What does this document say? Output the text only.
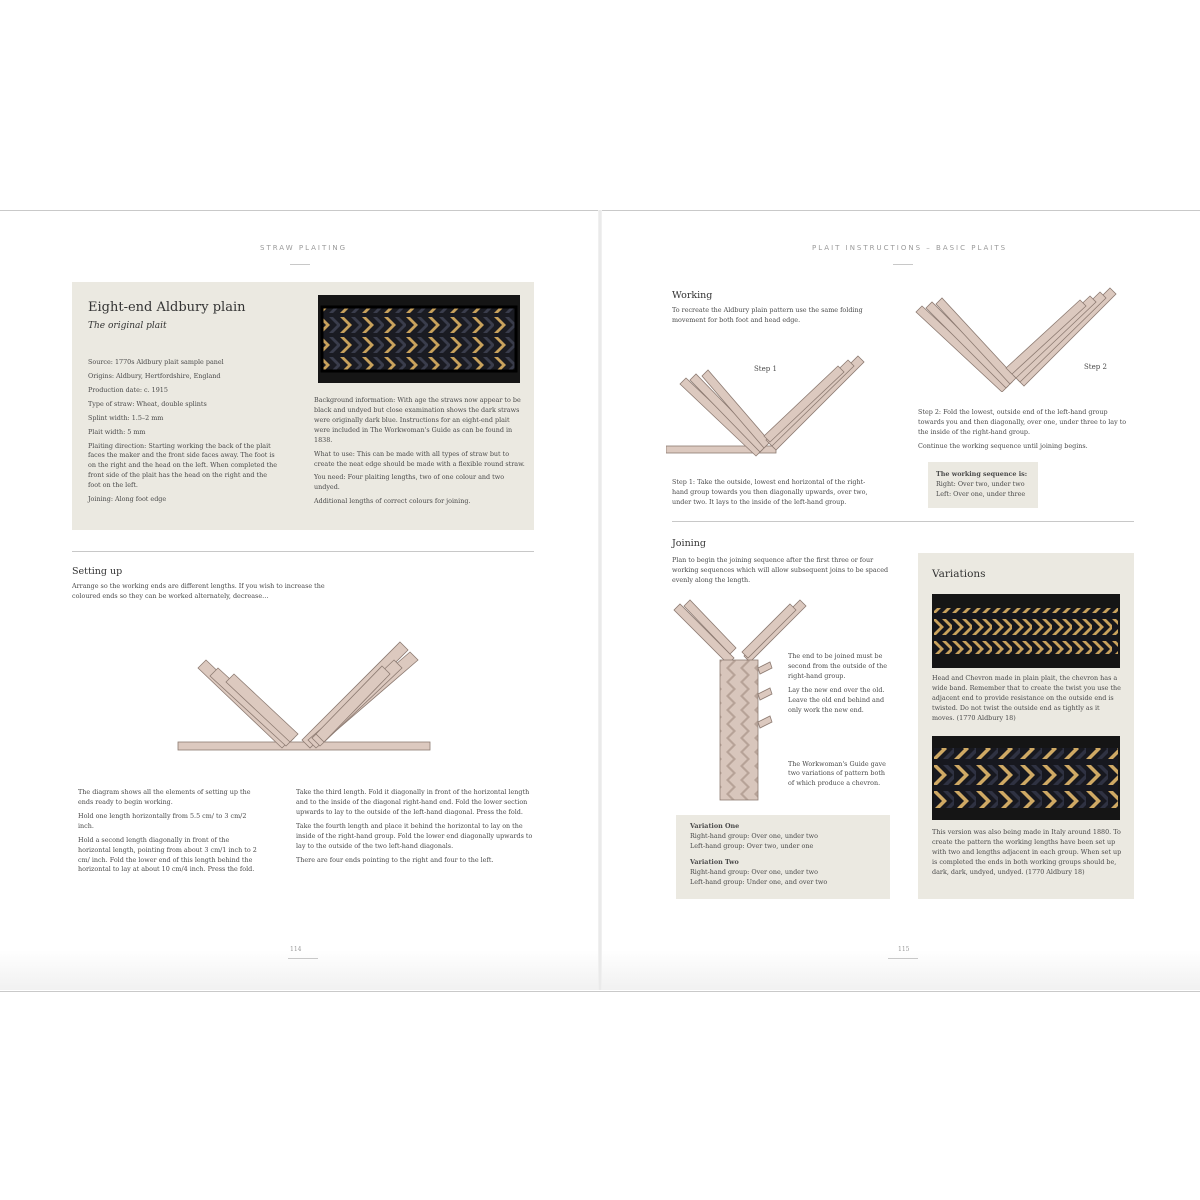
STRAW PLAITING
Eight-end Aldbury plain
The original plait

Source: 1770s Aldbury plait sample panel

Origins: Aldbury, Hertfordshire, England

Production date: c. 1915

Type of straw: Wheat, double splints

Splint width: 1.5–2 mm

Plait width: 5 mm

Plaiting direction: Starting working the back of the plait faces the maker and the front side faces away. The foot is on the right and the head on the left. When completed the front side of the plait has the head on the right and the foot on the left.

Joining: Along foot edge

Background information: With age the straws now appear to be black and undyed but close examination shows the dark straws were originally dark blue. Instructions for an eight-end plait were included in The Workwoman's Guide as can be found in 1838.

What to use: This can be made with all types of straw but to create the neat edge should be made with a flexible round straw.

You need: Four plaiting lengths, two of one colour and two undyed.

Additional lengths of correct colours for joining.

Setting up
Arrange so the working ends are different lengths. If you wish to increase the coloured ends so they can be worked alternately, decrease…

The diagram shows all the elements of setting up the ends ready to begin working.

Hold one length horizontally from 5.5 cm/ to 3 cm/2 inch.

Hold a second length diagonally in front of the horizontal length, pointing from about 3 cm/1 inch to 2 cm/ inch. Fold the lower end of this length behind the horizontal to lay at about 10 cm/4 inch. Press the fold.

Take the third length. Fold it diagonally in front of the horizontal length and to the inside of the diagonal right-hand end. Fold the lower section upwards to lay to the outside of the left-hand diagonal. Press the fold.

Take the fourth length and place it behind the horizontal to lay on the inside of the right-hand group. Fold the lower end diagonally upwards to lay to the outside of the two left-hand diagonals.

There are four ends pointing to the right and four to the left.

114
PLAIT INSTRUCTIONS – BASIC PLAITS
Working
To recreate the Aldbury plain pattern use the same folding movement for both foot and head edge.
Step 1	Step 2
Step 1: Take the outside, lowest end horizontal of the right-hand group towards you then diagonally upwards, over two, under two. It lays to the inside of the left-hand group.

Step 2: Fold the lowest, outside end of the left-hand group towards you and then diagonally, over one, under three to lay to the inside of the right-hand group.

Continue the working sequence until joining begins.

The working sequence is:
Right: Over two, under two
Left: Over one, under three
Joining
Plan to begin the joining sequence after the first three or four working sequences which will allow subsequent joins to be spaced evenly along the length.

The end to be joined must be second from the outside of the right-hand group.

Lay the new end over the old. Leave the old end behind and only work the new end.

The Workwoman's Guide gave two variations of pattern both of which produce a chevron.

Variation One
Right-hand group: Over one, under two
Left-hand group: Over two, under one
Variation Two
Right-hand group: Over one, under two
Left-hand group: Under one, and over two
Variations
Head and Chevron made in plain plait, the chevron has a wide band. Remember that to create the twist you use the adjacent end to provide resistance on the outside end is twisted. Do not twist the outside end as tightly as it moves. (1770 Aldbury 18)
This version was also being made in Italy around 1880. To create the pattern the working lengths have been set up with two and lengths adjacent in each group. When set up is completed the ends in both working groups should be, dark, dark, undyed, undyed. (1770 Aldbury 18)
115
